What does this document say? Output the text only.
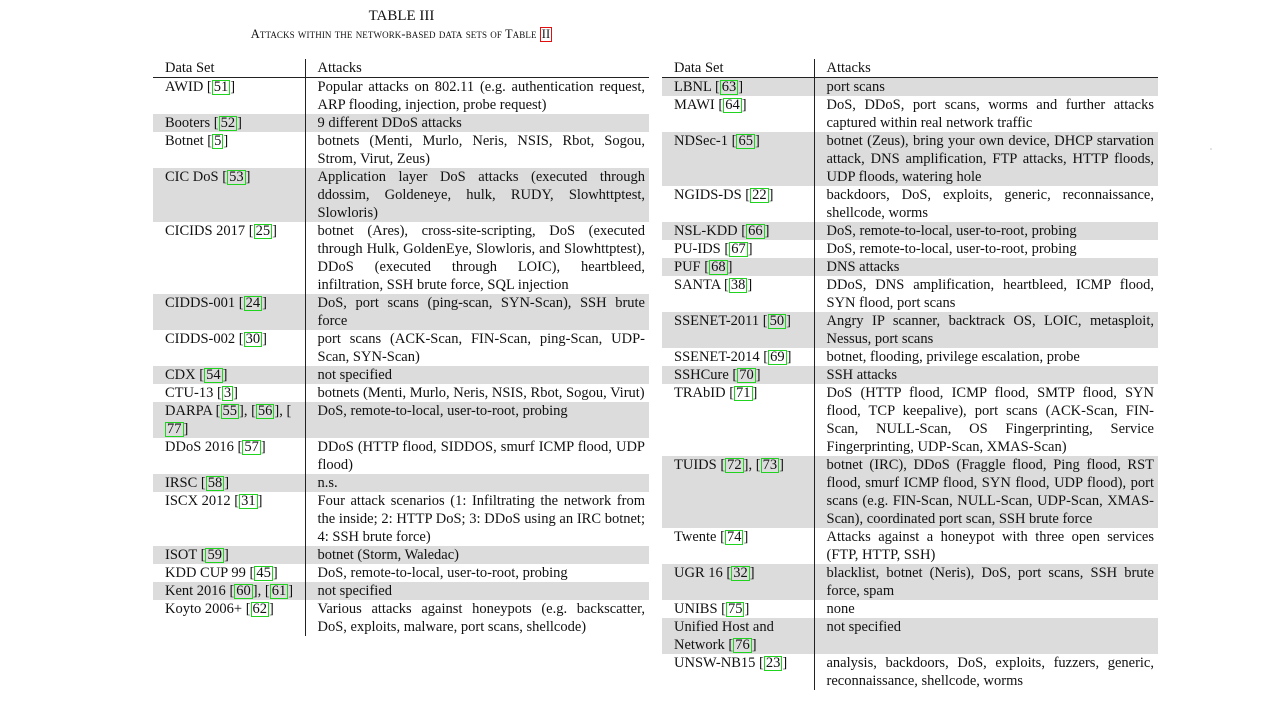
TABLE III
Attacks within the network-based data sets of Table II
Data Set	Attacks
AWID [ 51 ]	Popular attacks on 802.11 (e.g. authentication request, ARP flooding, injection, probe request)
Booters [ 52 ]	9 different DDoS attacks
Botnet [ 5 ]	botnets (Menti, Murlo, Neris, NSIS, Rbot, Sogou, Strom, Virut, Zeus)
CIC DoS [ 53 ]	Application layer DoS attacks (executed through ddossim, Goldeneye, hulk, RUDY, Slowhttptest, Slowloris)
CICIDS 2017 [ 25 ]	botnet (Ares), cross-site-scripting, DoS (executed through Hulk, GoldenEye, Slowloris, and Slowhttptest), DDoS (executed through LOIC), heartbleed, infiltration, SSH brute force, SQL injection
CIDDS-001 [ 24 ]	DoS, port scans (ping-scan, SYN-Scan), SSH brute force
CIDDS-002 [ 30 ]	port scans (ACK-Scan, FIN-Scan, ping-Scan, UDP-Scan, SYN-Scan)
CDX [ 54 ]	not specified
CTU-13 [ 3 ]	botnets (Menti, Murlo, Neris, NSIS, Rbot, Sogou, Virut)
DARPA [ 55 ], [ 56 ], [77 ]	DoS, remote-to-local, user-to-root, probing
DDoS 2016 [ 57 ]	DDoS (HTTP flood, SIDDOS, smurf ICMP flood, UDP flood)
IRSC [ 58 ]	n.s.
ISCX 2012 [ 31 ]	Four attack scenarios (1: Infiltrating the network from the inside; 2: HTTP DoS; 3: DDoS using an IRC botnet; 4: SSH brute force)
ISOT [ 59 ]	botnet (Storm, Waledac)
KDD CUP 99 [ 45 ]	DoS, remote-to-local, user-to-root, probing
Kent 2016 [ 60 ], [ 61 ]	not specified
Koyto 2006+ [ 62 ]	Various attacks against honeypots (e.g. backscatter, DoS, exploits, malware, port scans, shellcode)
Data Set	Attacks
LBNL [ 63 ]	port scans
MAWI [ 64 ]	DoS, DDoS, port scans, worms and further attacks captured within real network traffic
NDSec-1 [ 65 ]	botnet (Zeus), bring your own device, DHCP starvation attack, DNS amplification, FTP attacks, HTTP floods, UDP floods, watering hole
NGIDS-DS [ 22 ]	backdoors, DoS, exploits, generic, reconnaissance, shellcode, worms
NSL-KDD [ 66 ]	DoS, remote-to-local, user-to-root, probing
PU-IDS [ 67 ]	DoS, remote-to-local, user-to-root, probing
PUF [ 68 ]	DNS attacks
SANTA [ 38 ]	DDoS, DNS amplification, heartbleed, ICMP flood, SYN flood, port scans
SSENET-2011 [ 50 ]	Angry IP scanner, backtrack OS, LOIC, metasploit, Nessus, port scans
SSENET-2014 [ 69 ]	botnet, flooding, privilege escalation, probe
SSHCure [ 70 ]	SSH attacks
TRAbID [ 71 ]	DoS (HTTP flood, ICMP flood, SMTP flood, SYN flood, TCP keepalive), port scans (ACK-Scan, FIN-Scan, NULL-Scan, OS Fingerprinting, Service Fingerprinting, UDP-Scan, XMAS-Scan)
TUIDS [ 72 ], [ 73 ]	botnet (IRC), DDoS (Fraggle flood, Ping flood, RST flood, smurf ICMP flood, SYN flood, UDP flood), port scans (e.g. FIN-Scan, NULL-Scan, UDP-Scan, XMAS-Scan), coordinated port scan, SSH brute force
Twente [ 74 ]	Attacks against a honeypot with three open services (FTP, HTTP, SSH)
UGR 16 [ 32 ]	blacklist, botnet (Neris), DoS, port scans, SSH brute force, spam
UNIBS [ 75 ]	none
Unified Host and Network [ 76 ]	not specified
UNSW-NB15 [ 23 ]	analysis, backdoors, DoS, exploits, fuzzers, generic, reconnaissance, shellcode, worms
